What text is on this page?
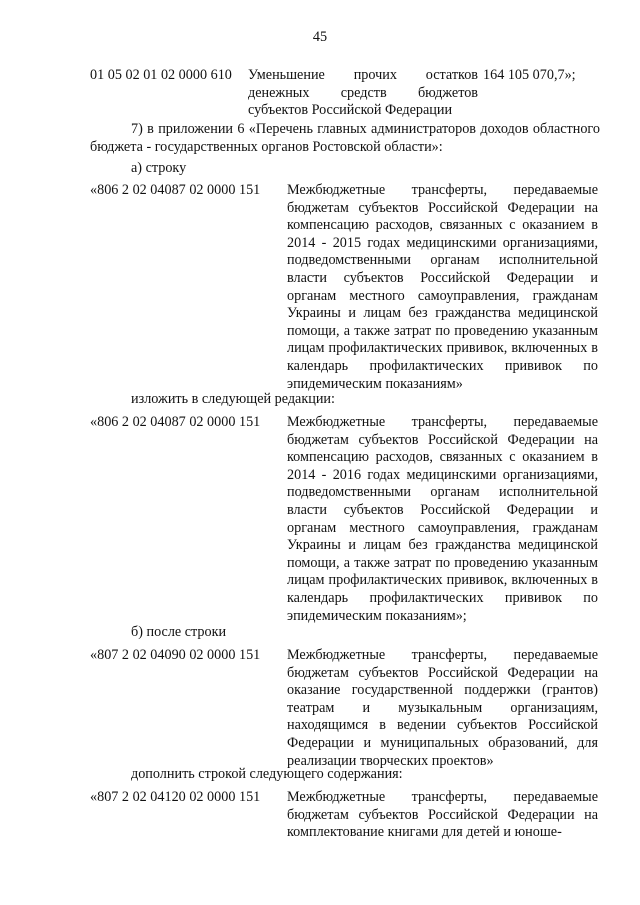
45
01 05 02 01 02 0000 610 Уменьшение прочих остатков денежных средств бюджетов субъектов Российской Федерации
164 105 070,7»;
7) в приложении 6 «Перечень главных администраторов доходов областного бюджета - государственных органов Ростовской области»:
а) строку
«806 2 02 04087 02 0000 151 Межбюджетные трансферты, передаваемые бюджетам субъектов Российской Федерации на компенсацию расходов, связанных с оказанием в 2014 - 2015 годах медицинскими организациями, подведомственными органам исполнительной власти субъектов Российской Федерации и органам местного самоуправления, гражданам Украины и лицам без гражданства медицинской помощи, а также затрат по проведению указанным лицам профилактических прививок, включенных в календарь профилактических прививок по эпидемическим показаниям»
изложить в следующей редакции:
«806 2 02 04087 02 0000 151 Межбюджетные трансферты, передаваемые бюджетам субъектов Российской Федерации на компенсацию расходов, связанных с оказанием в 2014 - 2016 годах медицинскими организациями, подведомственными органам исполнительной власти субъектов Российской Федерации и органам местного самоуправления, гражданам Украины и лицам без гражданства медицинской помощи, а также затрат по проведению указанным лицам профилактических прививок, включенных в календарь профилактических прививок по эпидемическим показаниям»;
б) после строки
«807 2 02 04090 02 0000 151 Межбюджетные трансферты, передаваемые бюджетам субъектов Российской Федерации на оказание государственной поддержки (грантов) театрам и музыкальным организациям, находящимся в ведении субъектов Российской Федерации и муниципальных образований, для реализации творческих проектов»
дополнить строкой следующего содержания:
«807 2 02 04120 02 0000 151 Межбюджетные трансферты, передаваемые бюджетам субъектов Российской Федерации на комплектование книгами для детей и юноше-
